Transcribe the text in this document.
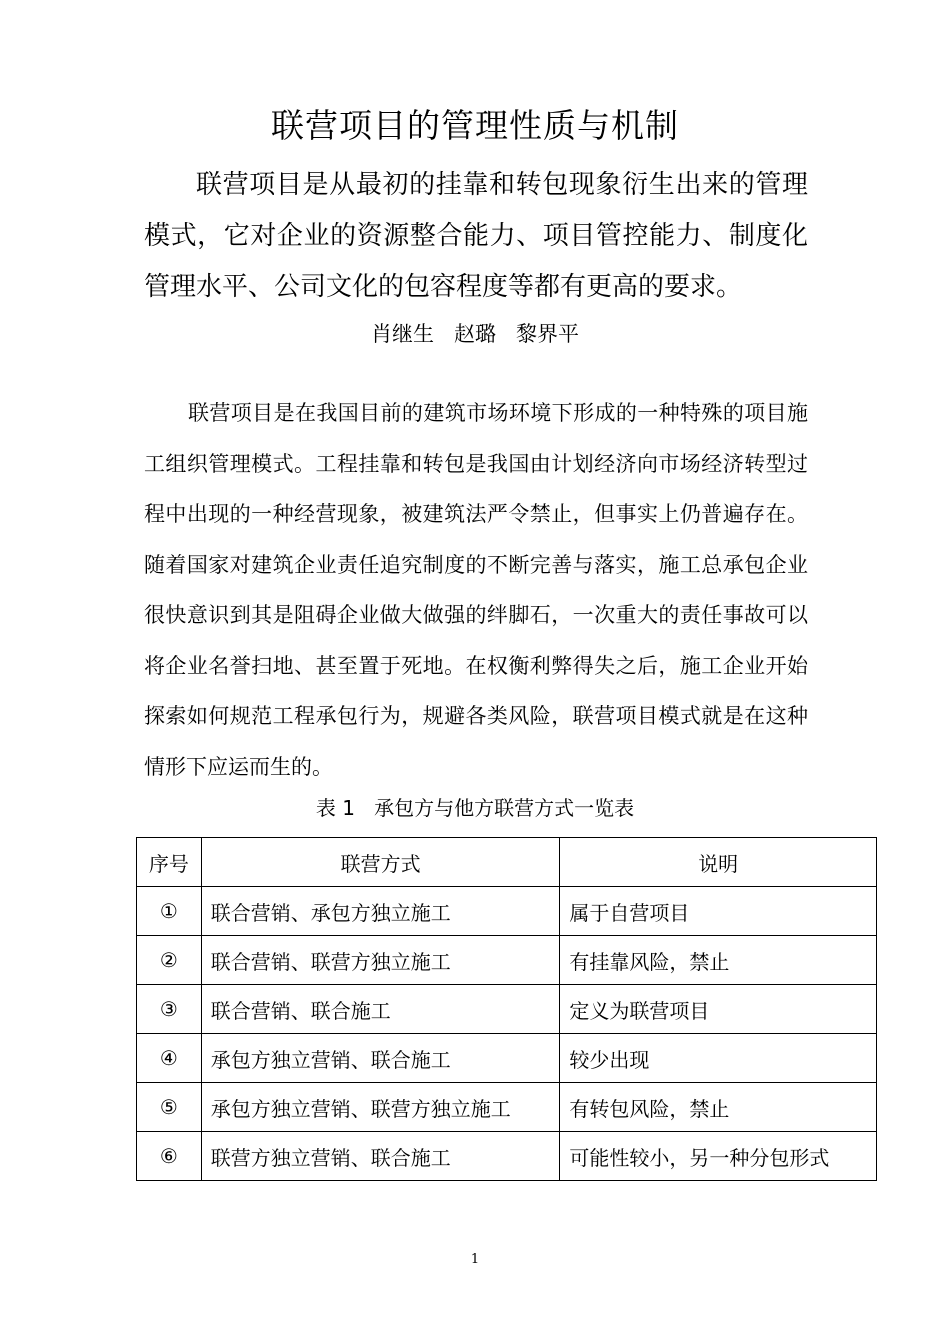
联营项目的管理性质与机制

联营项目是从最初的挂靠和转包现象衍生出来的管理模式，它对企业的资源整合能力、项目管控能力、制度化管理水平、公司文化的包容程度等都有更高的要求。

肖继生   赵璐   黎界平

联营项目是在我国目前的建筑市场环境下形成的一种特殊的项目施工组织管理模式。工程挂靠和转包是我国由计划经济向市场经济转型过程中出现的一种经营现象，被建筑法严令禁止，但事实上仍普遍存在。随着国家对建筑企业责任追究制度的不断完善与落实，施工总承包企业很快意识到其是阻碍企业做大做强的绊脚石，一次重大的责任事故可以将企业名誉扫地、甚至置于死地。在权衡利弊得失之后，施工企业开始探索如何规范工程承包行为，规避各类风险，联营项目模式就是在这种情形下应运而生的。

表 1   承包方与他方联营方式一览表
序号	联营方式	说明
①	联合营销、承包方独立施工	属于自营项目
②	联合营销、联营方独立施工	有挂靠风险，禁止
③	联合营销、联合施工	定义为联营项目
④	承包方独立营销、联合施工	较少出现
⑤	承包方独立营销、联营方独立施工	有转包风险，禁止
⑥	联营方独立营销、联合施工	可能性较小，另一种分包形式
1
